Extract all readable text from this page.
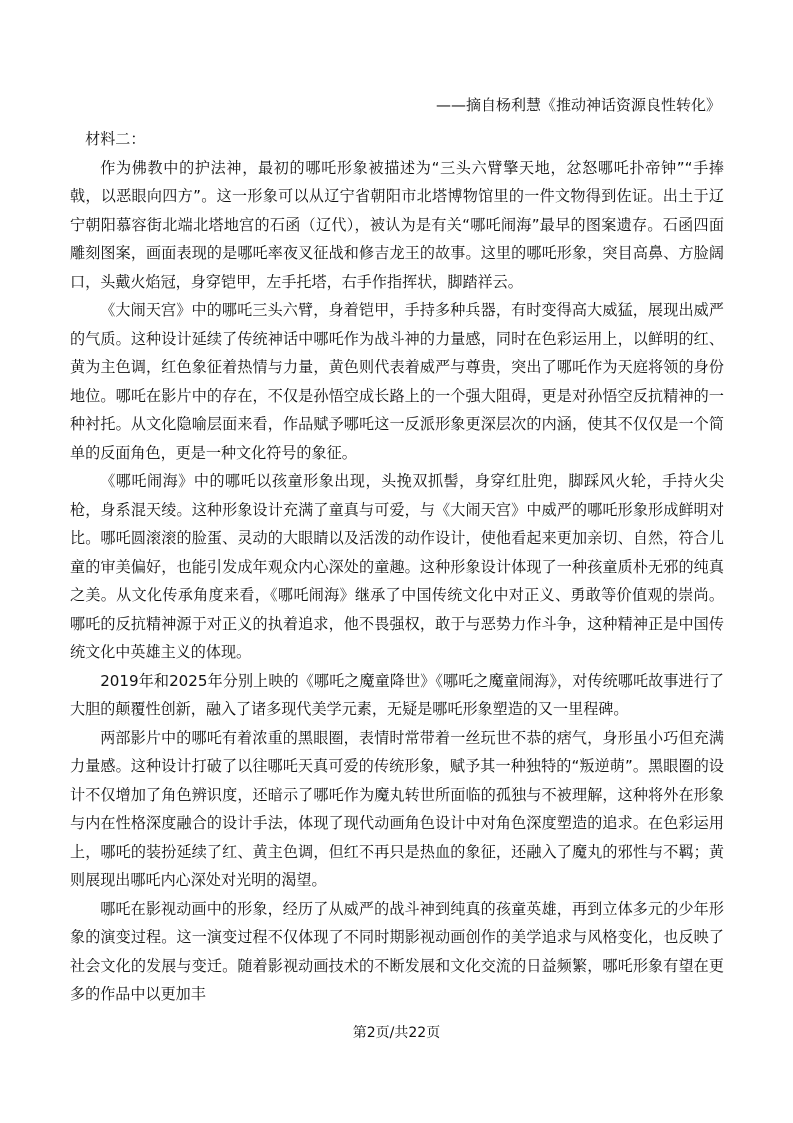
——摘自杨利慧《推动神话资源良性转化》

材料二：

作为佛教中的护法神，最初的哪吒形象被描述为“三头六臂擎天地，忿怒哪吒扑帝钟”“手捧戟，以恶眼向四方”。这一形象可以从辽宁省朝阳市北塔博物馆里的一件文物得到佐证。出土于辽宁朝阳慕容街北端北塔地宫的石函（辽代），被认为是有关“哪吒闹海”最早的图案遗存。石函四面雕刻图案，画面表现的是哪吒率夜叉征战和修吉龙王的故事。这里的哪吒形象，突目高鼻、方脸阔口，头戴火焰冠，身穿铠甲，左手托塔，右手作指挥状，脚踏祥云。

《大闹天宫》中的哪吒三头六臂，身着铠甲，手持多种兵器，有时变得高大威猛，展现出威严的气质。这种设计延续了传统神话中哪吒作为战斗神的力量感，同时在色彩运用上，以鲜明的红、黄为主色调，红色象征着热情与力量，黄色则代表着威严与尊贵，突出了哪吒作为天庭将领的身份地位。哪吒在影片中的存在，不仅是孙悟空成长路上的一个强大阻碍，更是对孙悟空反抗精神的一种衬托。从文化隐喻层面来看，作品赋予哪吒这一反派形象更深层次的内涵，使其不仅仅是一个简单的反面角色，更是一种文化符号的象征。

《哪吒闹海》中的哪吒以孩童形象出现，头挽双抓髻，身穿红肚兜，脚踩风火轮，手持火尖枪，身系混天绫。这种形象设计充满了童真与可爱，与《大闹天宫》中威严的哪吒形象形成鲜明对比。哪吒圆滚滚的脸蛋、灵动的大眼睛以及活泼的动作设计，使他看起来更加亲切、自然，符合儿童的审美偏好，也能引发成年观众内心深处的童趣。这种形象设计体现了一种孩童质朴无邪的纯真之美。从文化传承角度来看，《哪吒闹海》继承了中国传统文化中对正义、勇敢等价值观的崇尚。哪吒的反抗精神源于对正义的执着追求，他不畏强权，敢于与恶势力作斗争，这种精神正是中国传统文化中英雄主义的体现。

2019年和2025年分别上映的《哪吒之魔童降世》《哪吒之魔童闹海》，对传统哪吒故事进行了大胆的颠覆性创新，融入了诸多现代美学元素，无疑是哪吒形象塑造的又一里程碑。

两部影片中的哪吒有着浓重的黑眼圈，表情时常带着一丝玩世不恭的痞气，身形虽小巧但充满力量感。这种设计打破了以往哪吒天真可爱的传统形象，赋予其一种独特的“叛逆萌”。黑眼圈的设计不仅增加了角色辨识度，还暗示了哪吒作为魔丸转世所面临的孤独与不被理解，这种将外在形象与内在性格深度融合的设计手法，体现了现代动画角色设计中对角色深度塑造的追求。在色彩运用上，哪吒的装扮延续了红、黄主色调，但红不再只是热血的象征，还融入了魔丸的邪性与不羁；黄则展现出哪吒内心深处对光明的渴望。

哪吒在影视动画中的形象，经历了从威严的战斗神到纯真的孩童英雄，再到立体多元的少年形象的演变过程。这一演变过程不仅体现了不同时期影视动画创作的美学追求与风格变化，也反映了社会文化的发展与变迁。随着影视动画技术的不断发展和文化交流的日益频繁，哪吒形象有望在更多的作品中以更加丰

第2页/共22页
